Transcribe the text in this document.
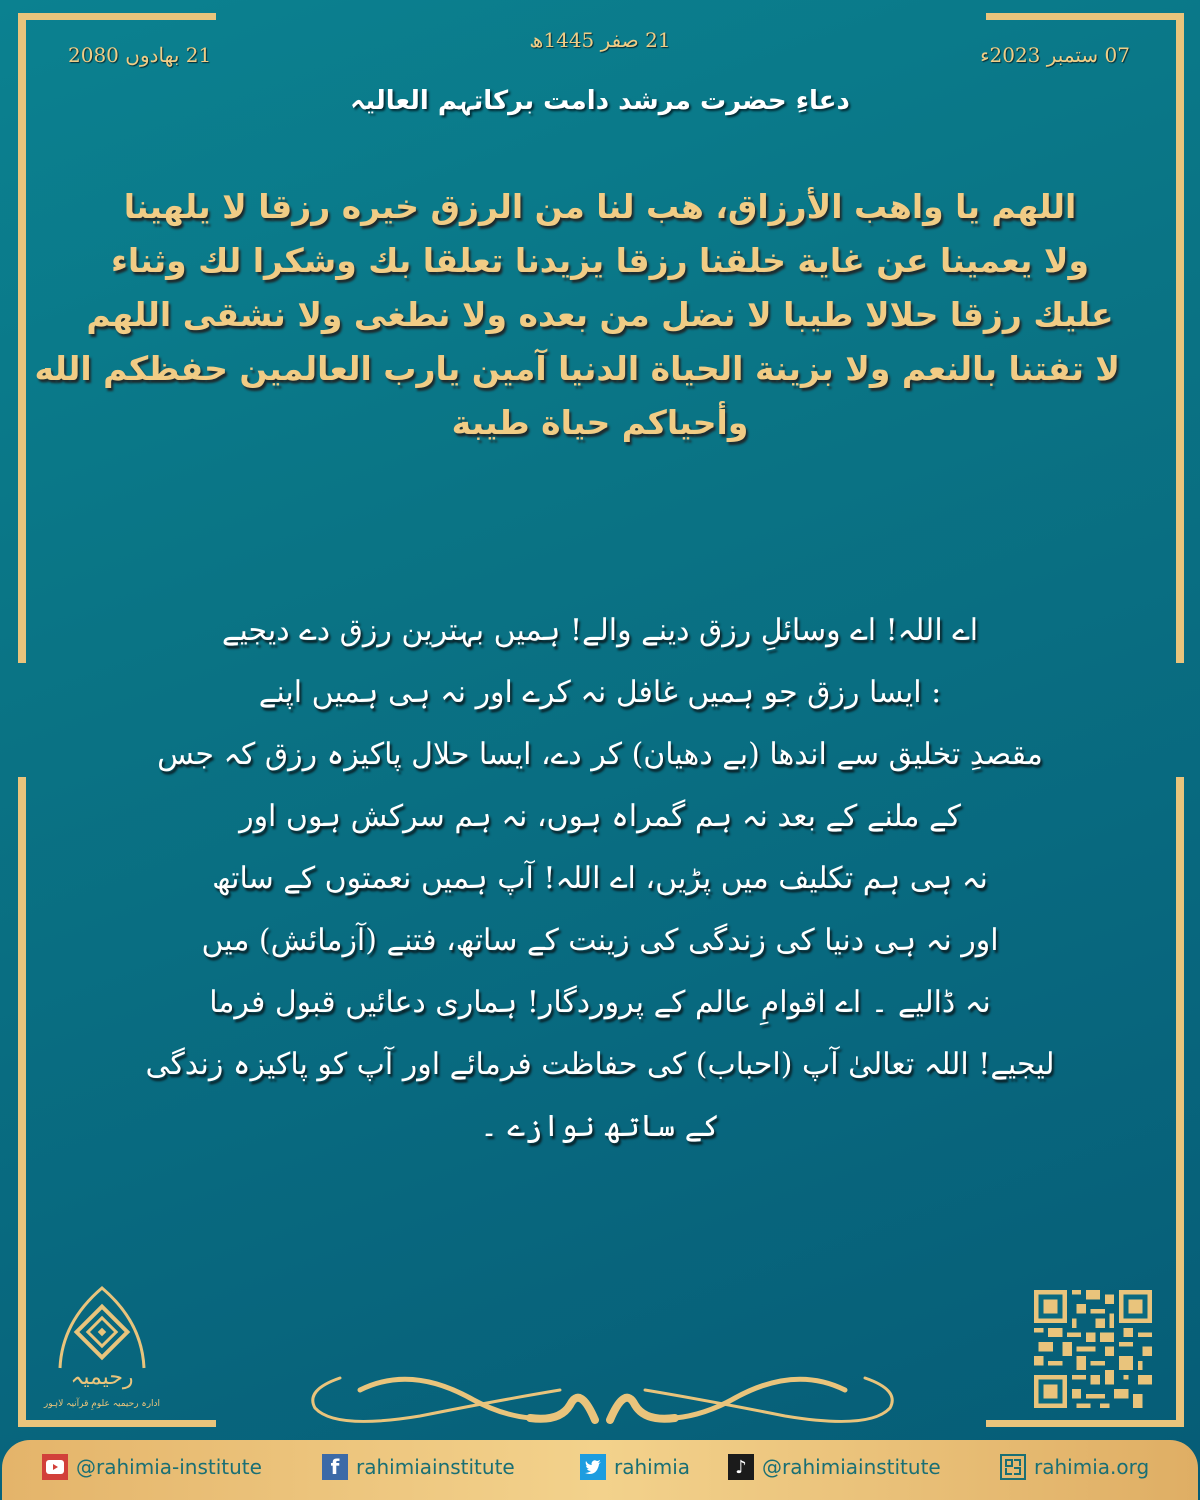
07 ستمبر 2023ء
21 صفر 1445ھ
21 بھادوں 2080
دعاءِ حضرت مرشد دامت برکاتہم العالیہ
اللهم يا واهب الأرزاق، هب لنا من الرزق خيره رزقا لا يلهينا
ولا يعمينا عن غاية خلقنا رزقا يزيدنا تعلقا بك وشكرا لك وثناء
عليك رزقا حلالا طيبا لا نضل من بعده ولا نطغى ولا نشقى اللهم
لا تفتنا بالنعم ولا بزينة الحياة الدنيا آمين يارب العالمين حفظكم الله
وأحياكم حياة طيبة
اے اللہ! اے وسائلِ رزق دینے والے! ہمیں بہترین رزق دے دیجیے
: ایسا رزق جو ہمیں غافل نہ کرے اور نہ ہی ہمیں اپنے
مقصدِ تخلیق سے اندھا (بے دھیان) کر دے، ایسا حلال پاکیزہ رزق کہ جس
کے ملنے کے بعد نہ ہم گمراہ ہوں، نہ ہم سرکش ہوں اور
نہ ہی ہم تکلیف میں پڑیں، اے اللہ! آپ ہمیں نعمتوں کے ساتھ
اور نہ ہی دنیا کی زندگی کی زینت کے ساتھ، فتنے (آزمائش) میں
نہ ڈالیے ۔ اے اقوامِ عالم کے پروردگار! ہماری دعائیں قبول فرما
لیجیے! اللہ تعالیٰ آپ (احباب) کی حفاظت فرمائے اور آپ کو پاکیزہ زندگی
کے ساتھ نوازے ۔
رحیمیہ
ادارہ رحیمیہ علومِ قرآنیہ لاہور
@rahimia-institute	f rahimiainstitute	rahimia	♪ @rahimiainstitute	rahimia.org
